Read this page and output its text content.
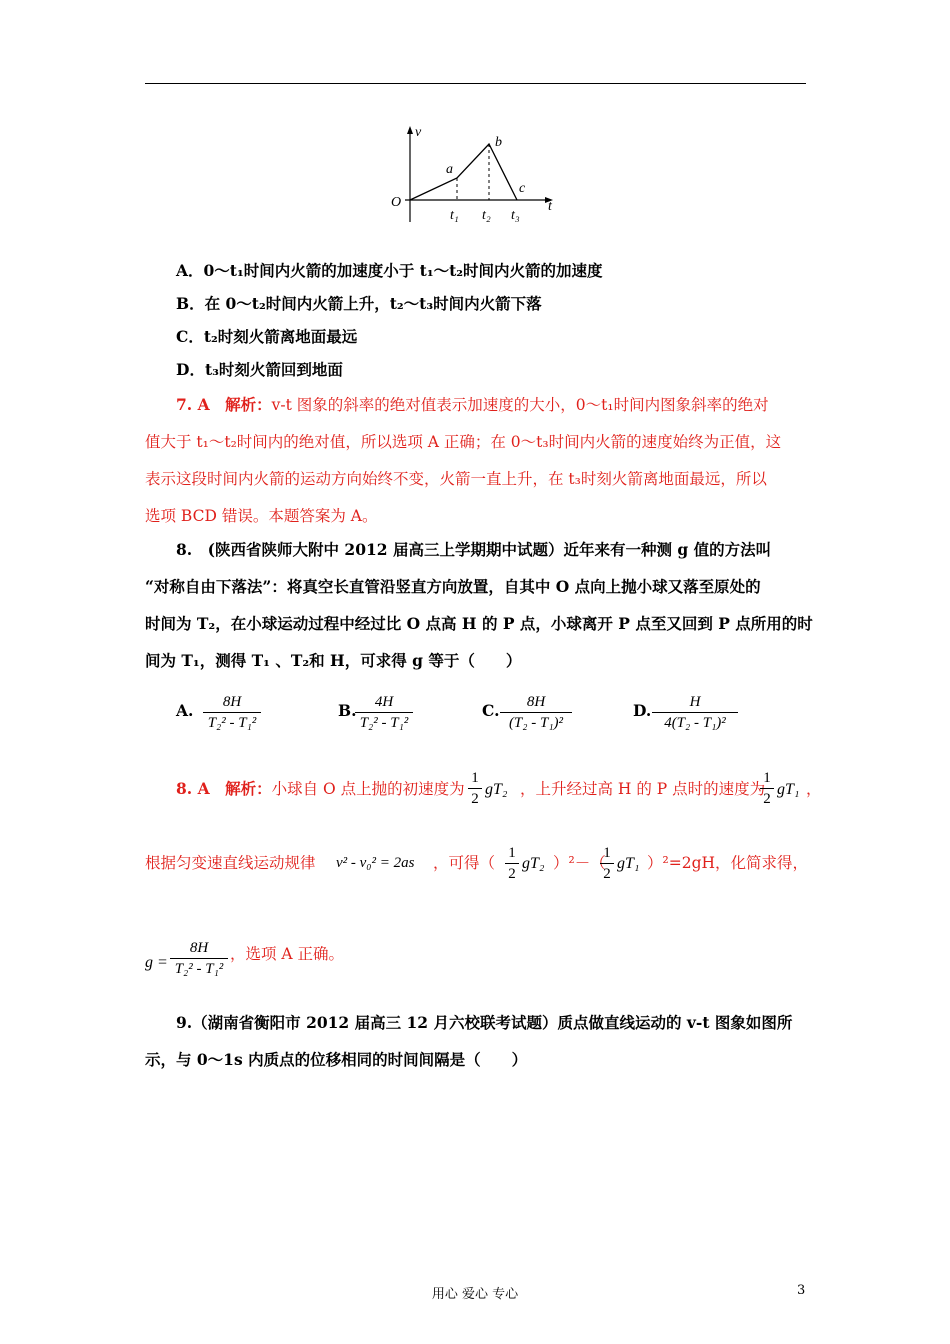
v
t
O
a
b
c
t₁ t₂ t₃
A．0～t₁时间内火箭的加速度小于 t₁～t₂时间内火箭的加速度
B．在 0～t₂时间内火箭上升，t₂～t₃时间内火箭下落
C．t₂时刻火箭离地面最远
D．t₃时刻火箭回到地面
7. A　解析：v-t 图象的斜率的绝对值表示加速度的大小，0～t₁时间内图象斜率的绝对
值大于 t₁～t₂时间内的绝对值，所以选项 A 正确；在 0～t₃时间内火箭的速度始终为正值，这
表示这段时间内火箭的运动方向始终不变，火箭一直上升，在 t₃时刻火箭离地面最远，所以
选项 BCD 错误。本题答案为 A。
8.　(陕西省陕师大附中 2012 届高三上学期期中试题）近年来有一种测 g 值的方法叫
“对称自由下落法”：将真空长直管沿竖直方向放置，自其中 O 点向上抛小球又落至原处的
时间为 T₂，在小球运动过程中经过比 O 点高 H 的 P 点，小球离开 P 点至又回到 P 点所用的时
间为 T₁，测得 T₁ 、T₂和 H，可求得 g 等于（　　）
A.	8H
T₂² - T₁²
B.	4H
T₂² - T₁²
C.	8H
(T₂ - T₁)²
D.	H
4(T₂ - T₁)²
8. A　解析：小球自 O 点上抛的初速度为
1
2
gT₂ ，上升经过高 H 的 P 点时的速度为
1
2
gT₁ ，
根据匀变速直线运动规律 v² - v₀² = 2as ，可得（
1
2
gT₂ ）²－（
1
2
gT₁ ）²=2gH，化简求得，
g =
8H
T₂² - T₁²
，选项 A 正确。
9.（湖南省衡阳市 2012 届高三 12 月六校联考试题）质点做直线运动的 v-t 图象如图所
示，与 0～1s 内质点的位移相同的时间间隔是（　　）
用心 爱心 专心	3
